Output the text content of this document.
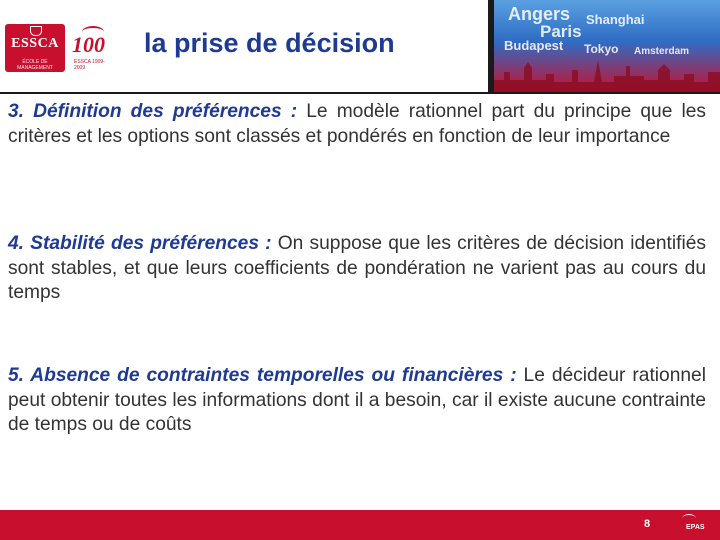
ESSCA
ÉCOLE DE MANAGEMENT
100
ESSCA 1909-2009
la prise de décision
Angers Shanghai
Paris
Budapest Tokyo Amsterdam
3. Définition des préférences : Le modèle rationnel part du principe que les critères et les options sont classés et pondérés en fonction de leur importance
4. Stabilité des préférences : On suppose que les critères de décision identifiés sont stables, et que leurs coefficients de pondération ne varient pas au cours du temps
5. Absence de contraintes temporelles ou financières : Le décideur rationnel peut obtenir toutes les informations dont il a besoin, car il existe aucune contrainte de temps ou de coûts
8	EPAS
